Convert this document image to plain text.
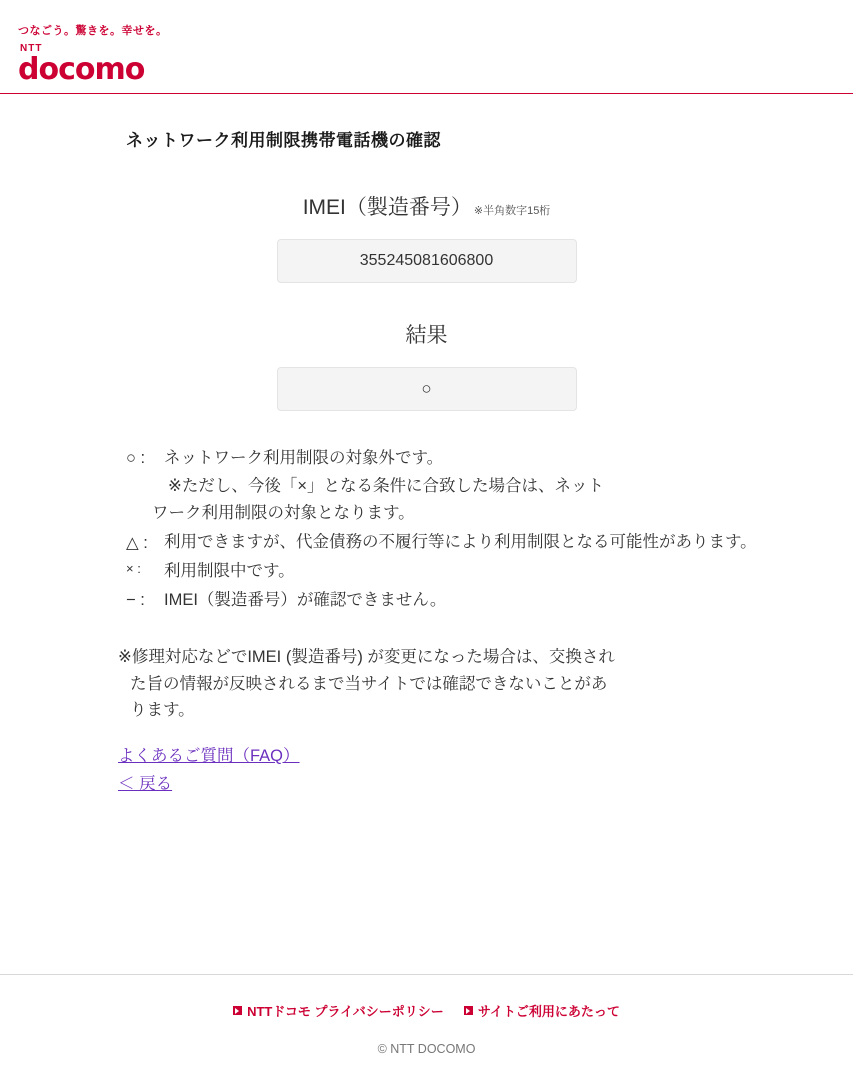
つなごう。驚きを。幸せを。
NTT
docomo
ネットワーク利用制限携帯電話機の確認
IMEI（製造番号） ※半角数字15桁
355245081606800
結果
○
○ :	ネットワーク利用制限の対象外です。
※ただし、今後「×」となる条件に合致した場合は、ネット
ワーク利用制限の対象となります。
△ : 利用できますが、代金債務の不履行等により利用制限となる可能性があります。
× :	利用制限中です。
− :	IMEI（製造番号）が確認できません。
※修理対応などでIMEI (製造番号) が変更になった場合は、交換され
た旨の情報が反映されるまで当サイトでは確認できないことがあ
ります。
よくあるご質問（FAQ）
＜ 戻る
NTTドコモ プライバシーポリシー	サイトご利用にあたって
© NTT DOCOMO
